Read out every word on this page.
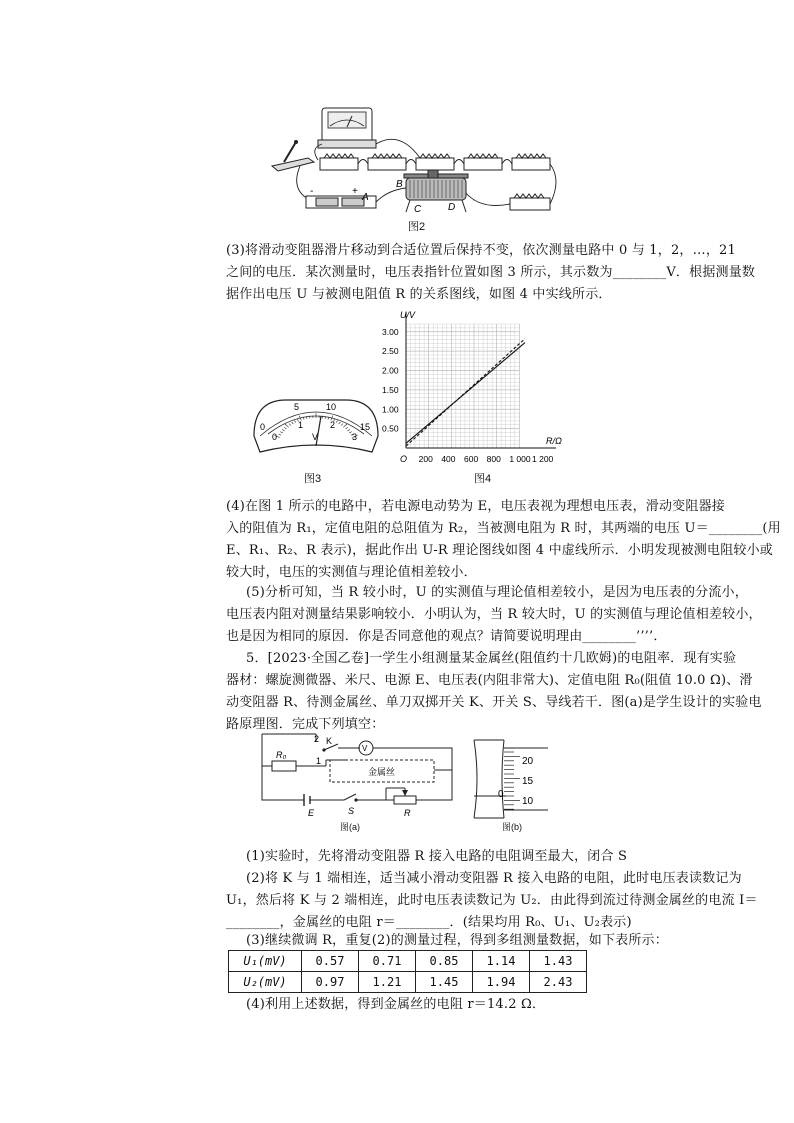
B
A
C	D
-	+
图2
(3)将滑动变阻器滑片移动到合适位置后保持不变，依次测量电路中 0 与 1，2，…，21
之间的电压．某次测量时，电压表指针位置如图 3 所示，其示数为________V．根据测量数
据作出电压 U 与被测电阻值 R 的关系图线，如图 4 中实线所示．
0
5	10
15
0
1	2
3
V
图3
3.00
2.50
2.00
1.50
1.00
0.50
200 400 600 800 1 000 1 200
U/V
R/Ω
O
图4
(4)在图 1 所示的电路中，若电源电动势为 E，电压表视为理想电压表，滑动变阻器接
入的阻值为 R₁，定值电阻的总阻值为 R₂，当被测电阻为 R 时，其两端的电压 U＝________(用
E、R₁、R₂、R 表示)，据此作出 U-R 理论图线如图 4 中虚线所示．小明发现被测电阻较小或
较大时，电压的实测值与理论值相差较小．
(5)分析可知，当 R 较小时，U 的实测值与理论值相差较小，是因为电压表的分流小，
电压表内阻对测量结果影响较小．小明认为，当 R 较大时，U 的实测值与理论值相差较小，
也是因为相同的原因．你是否同意他的观点？请简要说明理由________’’’’．
5．[2023·全国乙卷]一学生小组测量某金属丝(阻值约十几欧姆)的电阻率．现有实验
器材：螺旋测微器、米尺、电源 E、电压表(内阻非常大)、定值电阻 R₀(阻值 10.0 Ω)、滑
动变阻器 R、待测金属丝、单刀双掷开关 K、开关 S、导线若干．图(a)是学生设计的实验电
路原理图．完成下列填空：
R₀
K
V
金属丝
2
1
E	S	R
图(a)
20
15
10
0
图(b)
(1)实验时，先将滑动变阻器 R 接入电路的电阻调至最大，闭合 S
(2)将 K 与 1 端相连，适当减小滑动变阻器 R 接入电路的电阻，此时电压表读数记为
U₁，然后将 K 与 2 端相连，此时电压表读数记为 U₂．由此得到流过待测金属丝的电流 I＝
________，金属丝的电阻 r＝________．(结果均用 R₀、U₁、U₂表示)
(3)继续微调 R，重复(2)的测量过程，得到多组测量数据，如下表所示：
U₁(mV)	0.57	0.71	0.85	1.14	1.43
U₂(mV)	0.97	1.21	1.45	1.94	2.43
(4)利用上述数据，得到金属丝的电阻 r＝14.2 Ω．
